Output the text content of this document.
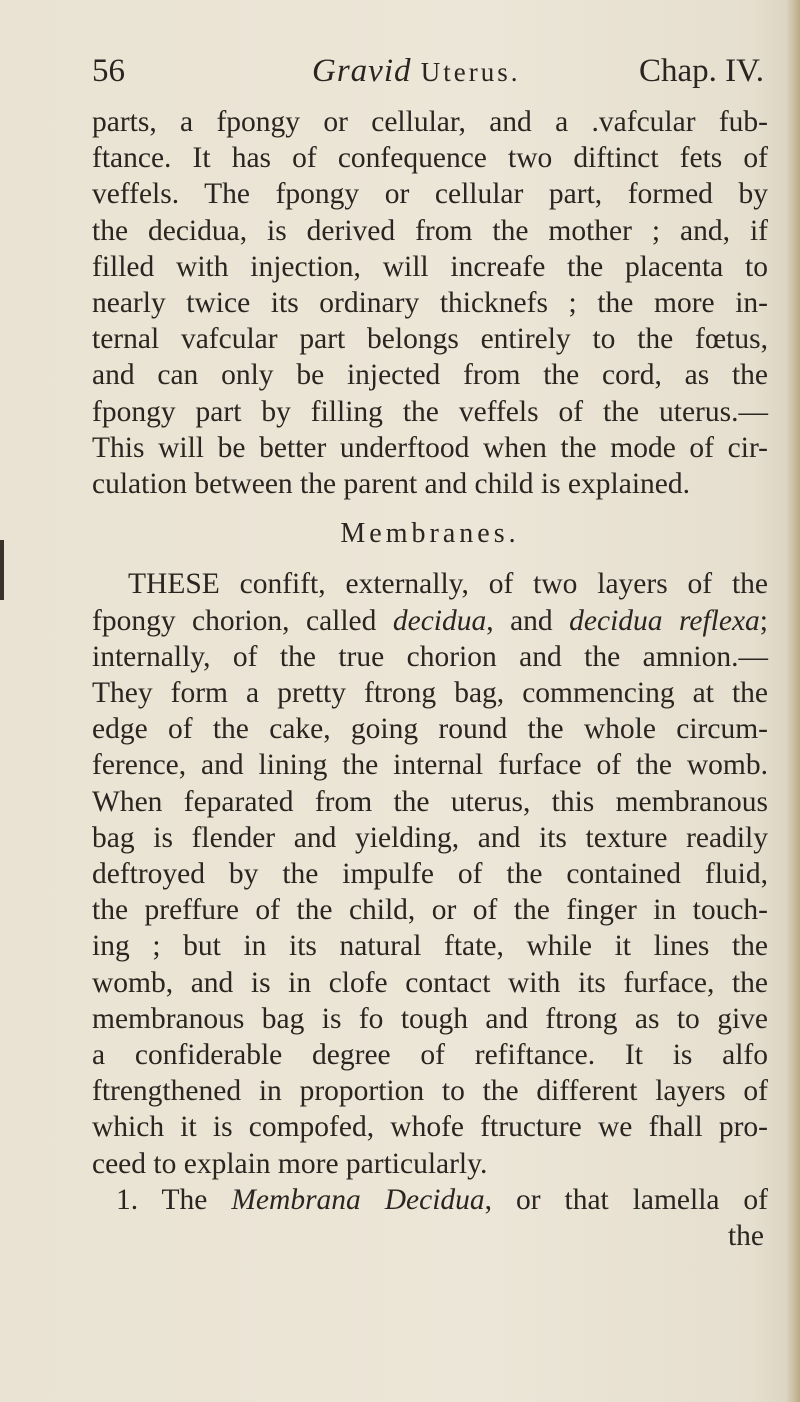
56	Gravid Uterus.	Chap. IV.
parts, a fpongy or cellular, and a .vafcular fub-
ftance. It has of confequence two diftinct fets of
veffels. The fpongy or cellular part, formed by
the decidua, is derived from the mother ; and, if
filled with injection, will increafe the placenta to
nearly twice its ordinary thicknefs ; the more in-
ternal vafcular part belongs entirely to the fœtus,
and can only be injected from the cord, as the
fpongy part by filling the veffels of the uterus.—
This will be better underftood when the mode of cir-
culation between the parent and child is explained.
Membranes.
THESE confift, externally, of two layers of the
fpongy chorion, called decidua, and decidua reflexa;
internally, of the true chorion and the amnion.—
They form a pretty ftrong bag, commencing at the
edge of the cake, going round the whole circum-
ference, and lining the internal furface of the womb.
When feparated from the uterus, this membranous
bag is flender and yielding, and its texture readily
deftroyed by the impulfe of the contained fluid,
the preffure of the child, or of the finger in touch-
ing ; but in its natural ftate, while it lines the
womb, and is in clofe contact with its furface, the
membranous bag is fo tough and ftrong as to give
a confiderable degree of refiftance. It is alfo
ftrengthened in proportion to the different layers of
which it is compofed, whofe ftructure we fhall pro-
ceed to explain more particularly.
1. The Membrana Decidua, or that lamella of
the
